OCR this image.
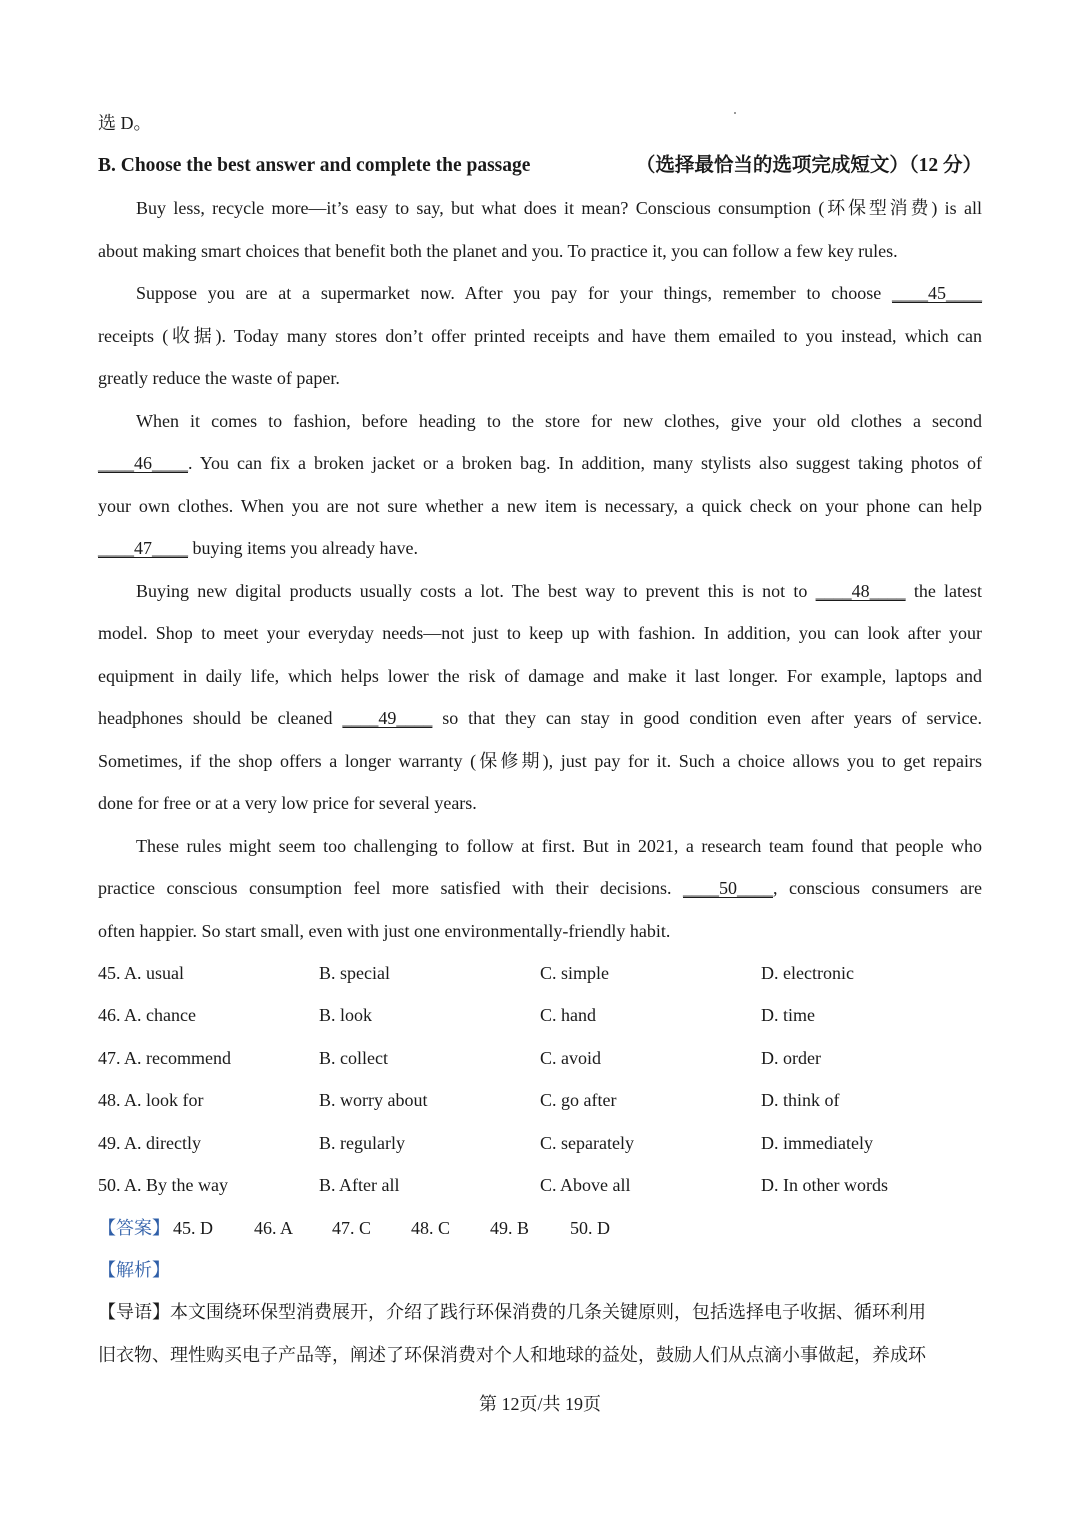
选 D。
B. Choose the best answer and complete the passage	（选择最恰当的选项完成短文）（12 分）
Buy less, recycle more—it’s easy to say, but what does it mean? Conscious consumption (环保型消费) is all
about making smart choices that benefit both the planet and you. To practice it, you can follow a few key rules.
Suppose you are at a supermarket now. After you pay for your things, remember to choose ____45____
receipts (收据). Today many stores don’t offer printed receipts and have them emailed to you instead, which can
greatly reduce the waste of paper.
When it comes to fashion, before heading to the store for new clothes, give your old clothes a second
____46____. You can fix a broken jacket or a broken bag. In addition, many stylists also suggest taking photos of
your own clothes. When you are not sure whether a new item is necessary, a quick check on your phone can help
____47____ buying items you already have.
Buying new digital products usually costs a lot. The best way to prevent this is not to ____48____ the latest
model. Shop to meet your everyday needs—not just to keep up with fashion. In addition, you can look after your
equipment in daily life, which helps lower the risk of damage and make it last longer. For example, laptops and
headphones should be cleaned ____49____ so that they can stay in good condition even after years of service.
Sometimes, if the shop offers a longer warranty (保修期), just pay for it. Such a choice allows you to get repairs
done for free or at a very low price for several years.
These rules might seem too challenging to follow at first. But in 2021, a research team found that people who
practice conscious consumption feel more satisfied with their decisions. ____50____, conscious consumers are
often happier. So start small, even with just one environmentally-friendly habit.
45. A. usual	B. special	C. simple	D. electronic
46. A. chance	B. look	C. hand	D. time
47. A. recommend	B. collect	C. avoid	D. order
48. A. look for	B. worry about	C. go after	D. think of
49. A. directly	B. regularly	C. separately	D. immediately
50. A. By the way	B. After all	C. Above all	D. In other words
【答案】 45. D 46. A 47. C 48. C 49. B 50. D
【解析】
【导语】本文围绕环保型消费展开，介绍了践行环保消费的几条关键原则，包括选择电子收据、循环利用
旧衣物、理性购买电子产品等，阐述了环保消费对个人和地球的益处，鼓励人们从点滴小事做起，养成环
第 12页/共 19页
